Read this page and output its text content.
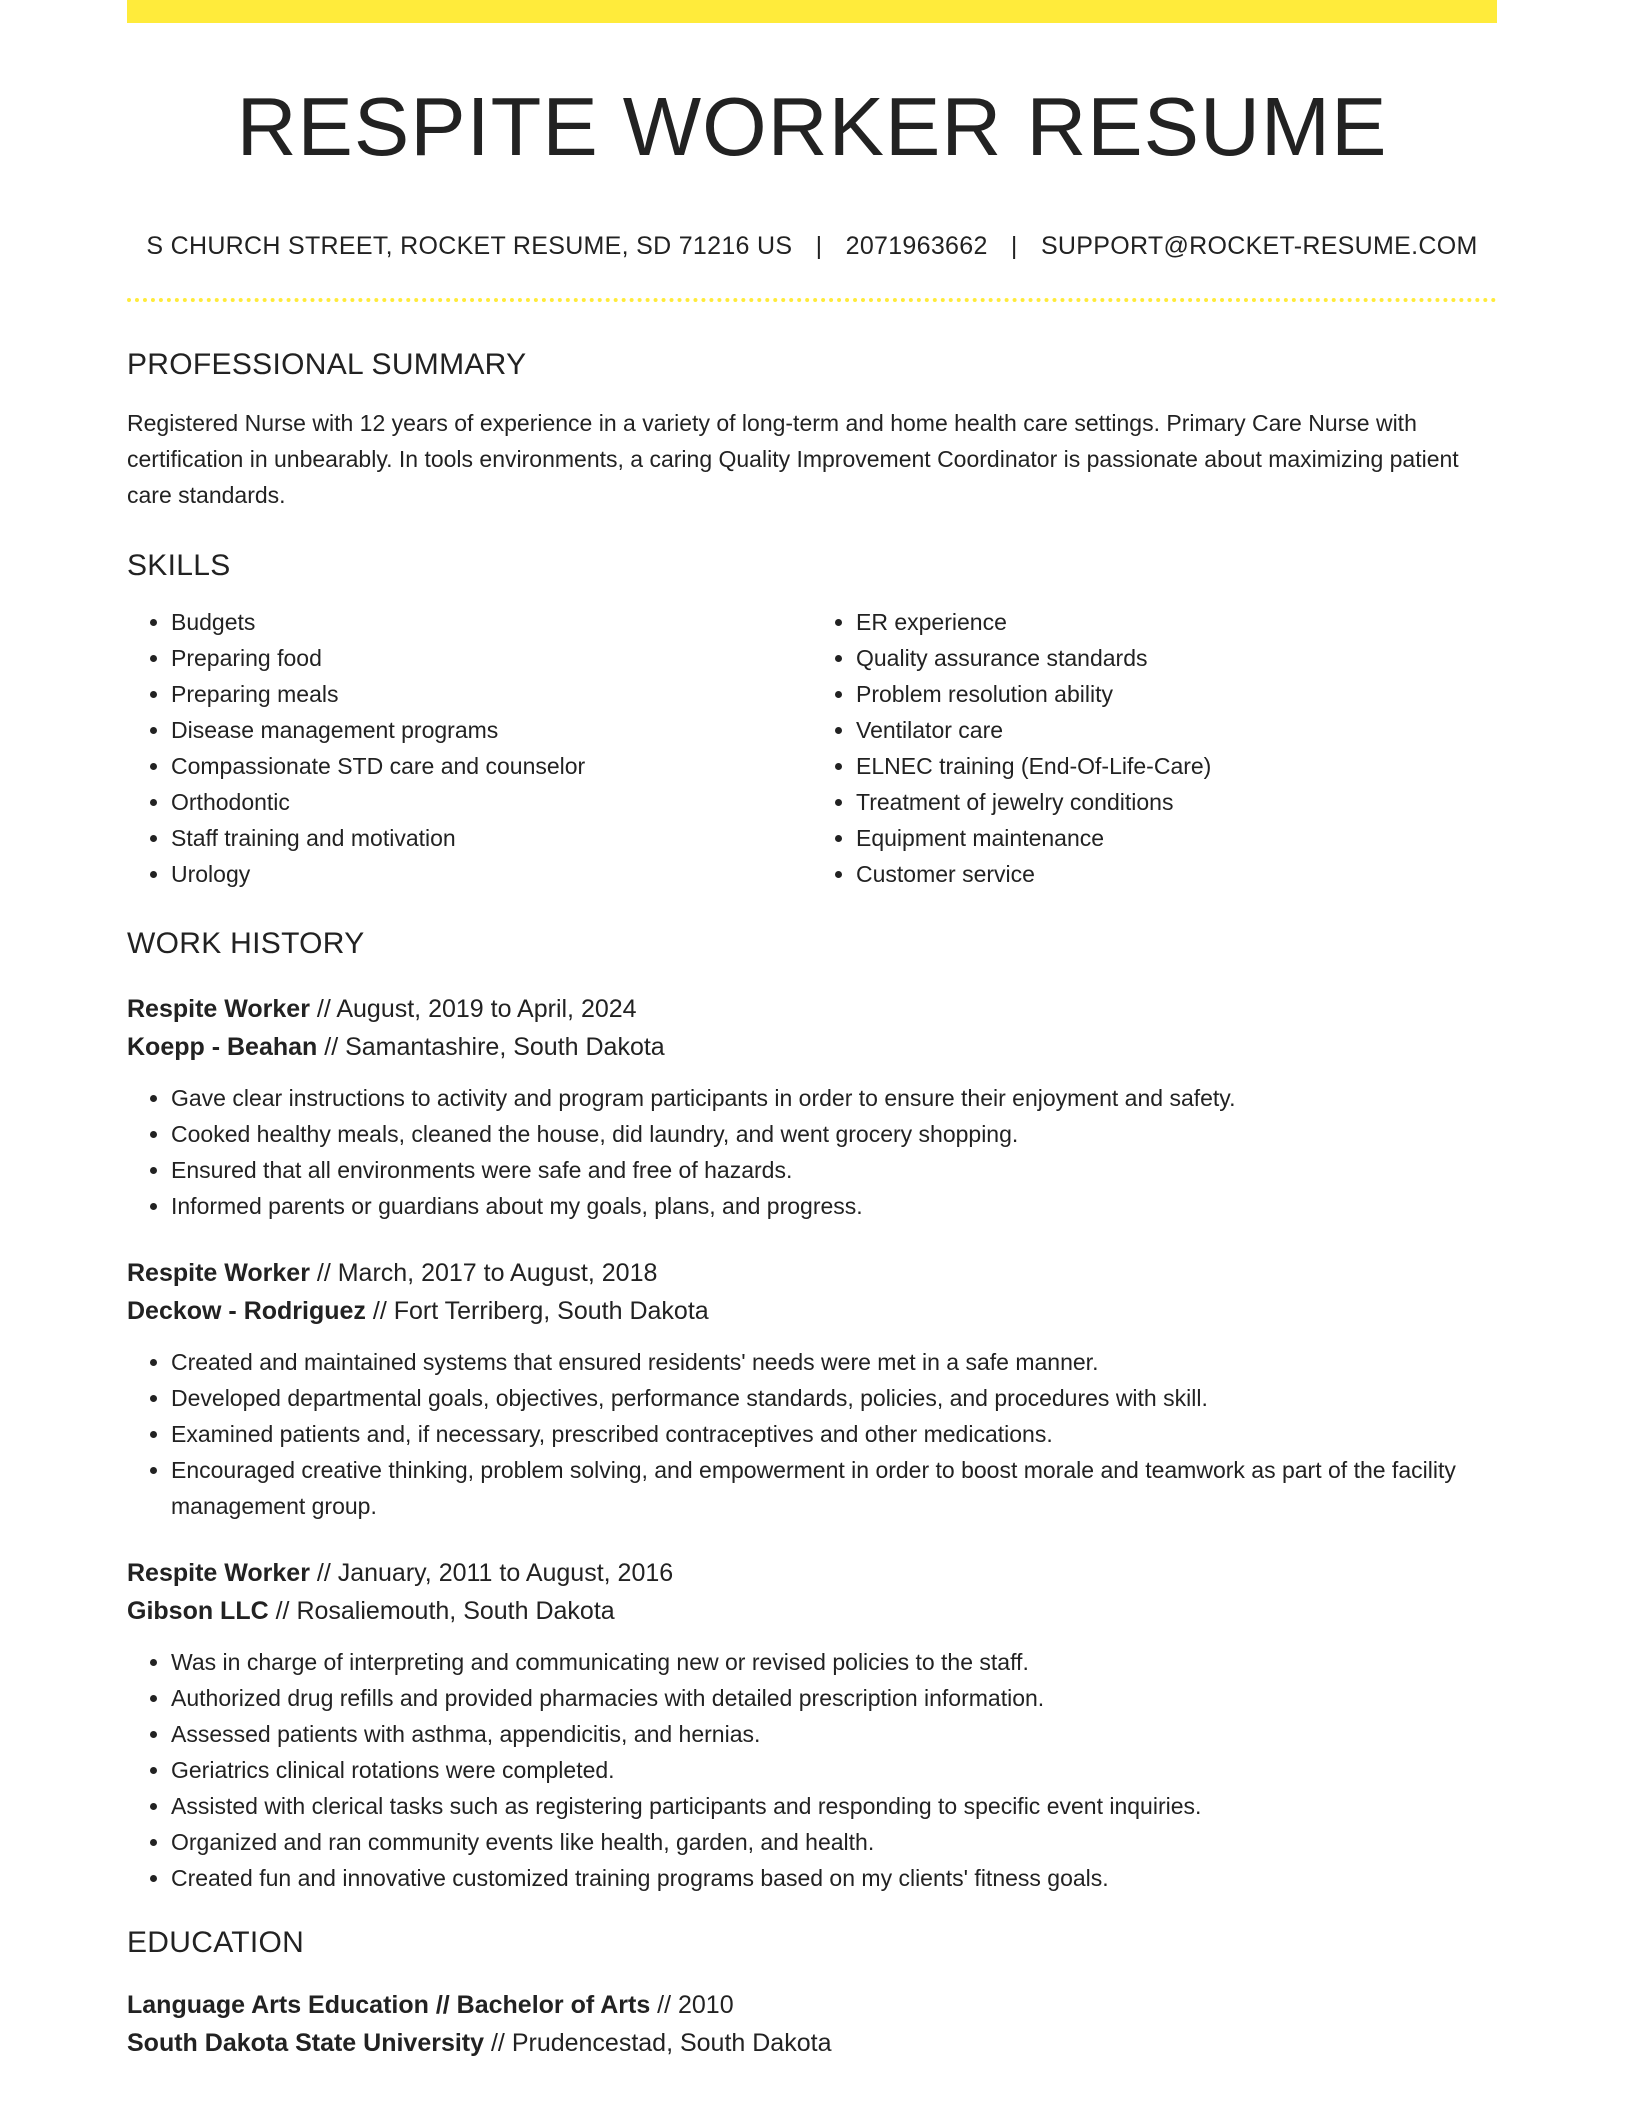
RESPITE WORKER RESUME
S CHURCH STREET, ROCKET RESUME, SD 71216 US | 2071963662 | SUPPORT@ROCKET-RESUME.COM
PROFESSIONAL SUMMARY
Registered Nurse with 12 years of experience in a variety of long-term and home health care settings. Primary Care Nurse with certification in unbearably. In tools environments, a caring Quality Improvement Coordinator is passionate about maximizing patient care standards.
SKILLS
• Budgets
• Preparing food
• Preparing meals
• Disease management programs
• Compassionate STD care and counselor
• Orthodontic
• Staff training and motivation
• Urology
• ER experience
• Quality assurance standards
• Problem resolution ability
• Ventilator care
• ELNEC training (End-Of-Life-Care)
• Treatment of jewelry conditions
• Equipment maintenance
• Customer service
WORK HISTORY
Respite Worker // August, 2019 to April, 2024
Koepp - Beahan // Samantashire, South Dakota
• Gave clear instructions to activity and program participants in order to ensure their enjoyment and safety.
• Cooked healthy meals, cleaned the house, did laundry, and went grocery shopping.
• Ensured that all environments were safe and free of hazards.
• Informed parents or guardians about my goals, plans, and progress.
Respite Worker // March, 2017 to August, 2018
Deckow - Rodriguez // Fort Terriberg, South Dakota
• Created and maintained systems that ensured residents' needs were met in a safe manner.
• Developed departmental goals, objectives, performance standards, policies, and procedures with skill.
• Examined patients and, if necessary, prescribed contraceptives and other medications.
• Encouraged creative thinking, problem solving, and empowerment in order to boost morale and teamwork as part of the facility management group.
Respite Worker // January, 2011 to August, 2016
Gibson LLC // Rosaliemouth, South Dakota
• Was in charge of interpreting and communicating new or revised policies to the staff.
• Authorized drug refills and provided pharmacies with detailed prescription information.
• Assessed patients with asthma, appendicitis, and hernias.
• Geriatrics clinical rotations were completed.
• Assisted with clerical tasks such as registering participants and responding to specific event inquiries.
• Organized and ran community events like health, garden, and health.
• Created fun and innovative customized training programs based on my clients' fitness goals.
EDUCATION
Language Arts Education // Bachelor of Arts // 2010
South Dakota State University // Prudencestad, South Dakota
